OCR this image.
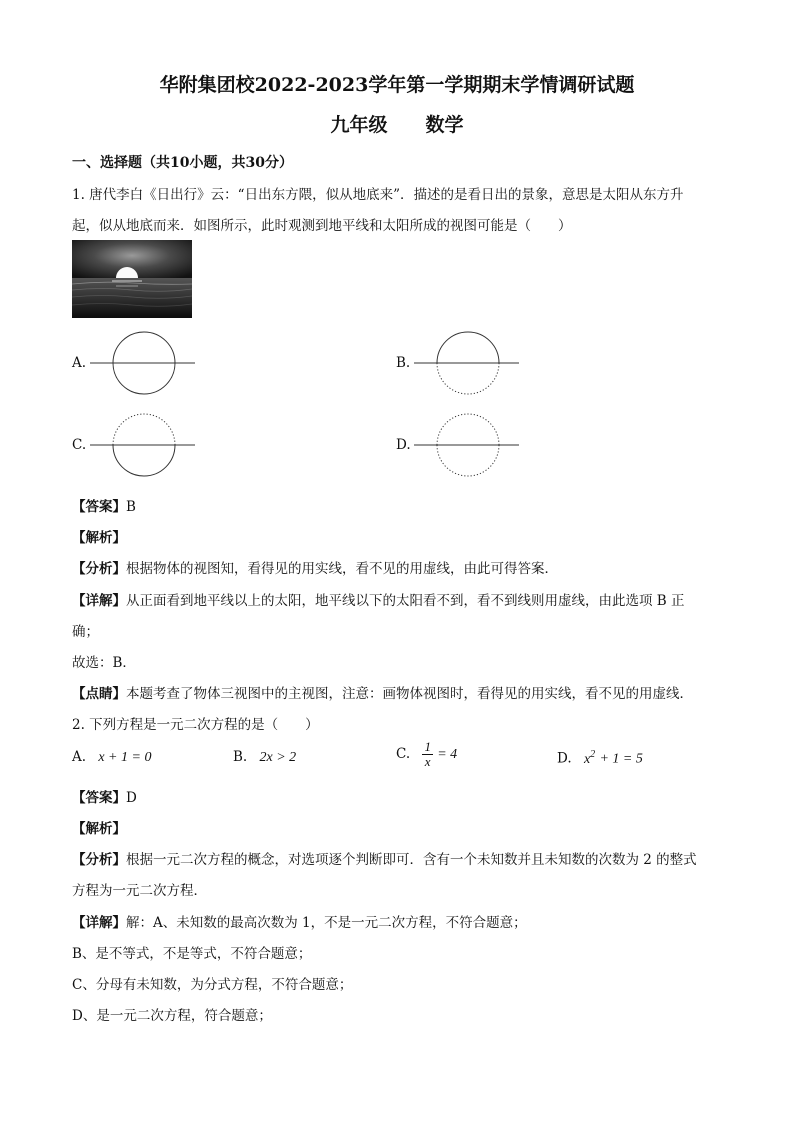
华附集团校2022-2023学年第一学期期末学情调研试题
九年级 数学
一、选择题（共10小题，共30分）
1. 唐代李白《日出行》云：“日出东方隈，似从地底来”．描述的是看日出的景象，意思是太阳从东方升
起，似从地底而来．如图所示，此时观测到地平线和太阳所成的视图可能是（　　）
A.	B.
C.	D.
【答案】B
【解析】
【分析】根据物体的视图知，看得见的用实线，看不见的用虚线，由此可得答案．
【详解】从正面看到地平线以上的太阳，地平线以下的太阳看不到，看不到线则用虚线，由此选项 B 正
确；
故选：B．
【点睛】本题考查了物体三视图中的主视图，注意：画物体视图时，看得见的用实线，看不见的用虚线．
2. 下列方程是一元二次方程的是（　　）
A. x + 1 = 0	B. 2x > 2	C. $\frac{1}{x} = 4$	D. $x^2 + 1 = 5$
【答案】D
【解析】
【分析】根据一元二次方程的概念，对选项逐个判断即可．含有一个未知数并且未知数的次数为 2 的整式
方程为一元二次方程．
【详解】解：A、未知数的最高次数为 1，不是一元二次方程，不符合题意；
B、是不等式，不是等式，不符合题意；
C、分母有未知数，为分式方程，不符合题意；
D、是一元二次方程，符合题意；
